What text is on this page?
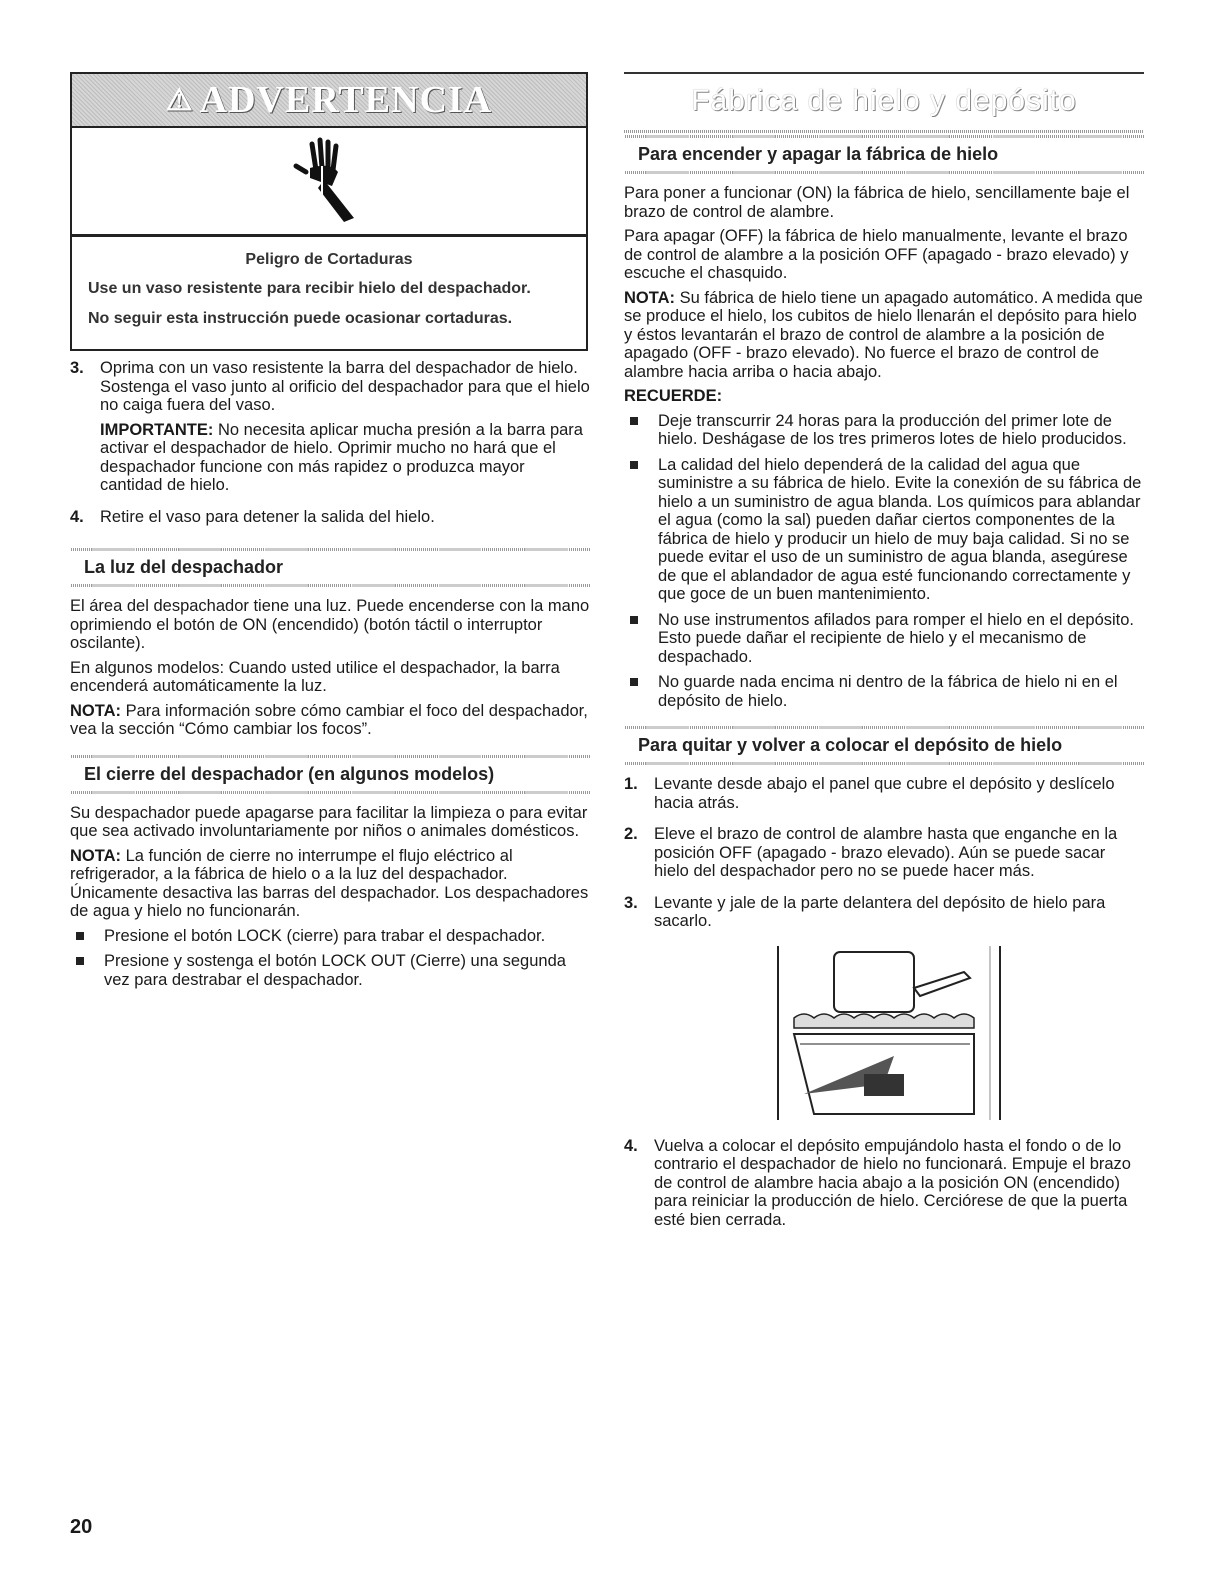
⚠ ADVERTENCIA
Peligro de Cortaduras

Use un vaso resistente para recibir hielo del despachador.

No seguir esta instrucción puede ocasionar cortaduras.

3. Oprima con un vaso resistente la barra del despachador de hielo. Sostenga el vaso junto al orificio del despachador para que el hielo no caiga fuera del vaso.

IMPORTANTE: No necesita aplicar mucha presión a la barra para activar el despachador de hielo. Oprimir mucho no hará que el despachador funcione con más rapidez o produzca mayor cantidad de hielo.

4. Retire el vaso para detener la salida del hielo.

La luz del despachador

El área del despachador tiene una luz. Puede encenderse con la mano oprimiendo el botón de ON (encendido) (botón táctil o interruptor oscilante).

En algunos modelos: Cuando usted utilice el despachador, la barra encenderá automáticamente la luz.

NOTA: Para información sobre cómo cambiar el foco del despachador, vea la sección “Cómo cambiar los focos”.

El cierre del despachador (en algunos modelos)

Su despachador puede apagarse para facilitar la limpieza o para evitar que sea activado involuntariamente por niños o animales domésticos.

NOTA: La función de cierre no interrumpe el flujo eléctrico al refrigerador, a la fábrica de hielo o a la luz del despachador. Únicamente desactiva las barras del despachador. Los despachadores de agua y hielo no funcionarán.

Presione el botón LOCK (cierre) para trabar el despachador.
Presione y sostenga el botón LOCK OUT (Cierre) una segunda vez para destrabar el despachador.
Fábrica de hielo y depósito
Para encender y apagar la fábrica de hielo

Para poner a funcionar (ON) la fábrica de hielo, sencillamente baje el brazo de control de alambre.

Para apagar (OFF) la fábrica de hielo manualmente, levante el brazo de control de alambre a la posición OFF (apagado - brazo elevado) y escuche el chasquido.

NOTA: Su fábrica de hielo tiene un apagado automático. A medida que se produce el hielo, los cubitos de hielo llenarán el depósito para hielo y éstos levantarán el brazo de control de alambre a la posición de apagado (OFF - brazo elevado). No fuerce el brazo de control de alambre hacia arriba o hacia abajo.

RECUERDE:

Deje transcurrir 24 horas para la producción del primer lote de hielo. Deshágase de los tres primeros lotes de hielo producidos.
La calidad del hielo dependerá de la calidad del agua que suministre a su fábrica de hielo. Evite la conexión de su fábrica de hielo a un suministro de agua blanda. Los químicos para ablandar el agua (como la sal) pueden dañar ciertos componentes de la fábrica de hielo y producir un hielo de muy baja calidad. Si no se puede evitar el uso de un suministro de agua blanda, asegúrese de que el ablandador de agua esté funcionando correctamente y que goce de un buen mantenimiento.
No use instrumentos afilados para romper el hielo en el depósito. Esto puede dañar el recipiente de hielo y el mecanismo de despachado.
No guarde nada encima ni dentro de la fábrica de hielo ni en el depósito de hielo.
Para quitar y volver a colocar el depósito de hielo
1. Levante desde abajo el panel que cubre el depósito y deslícelo hacia atrás.

2. Eleve el brazo de control de alambre hasta que enganche en la posición OFF (apagado - brazo elevado). Aún se puede sacar hielo del despachador pero no se puede hacer más.

3. Levante y jale de la parte delantera del depósito de hielo para sacarlo.

4. Vuelva a colocar el depósito empujándolo hasta el fondo o de lo contrario el despachador de hielo no funcionará. Empuje el brazo de control de alambre hacia abajo a la posición ON (encendido) para reiniciar la producción de hielo. Cerciórese de que la puerta esté bien cerrada.

20
